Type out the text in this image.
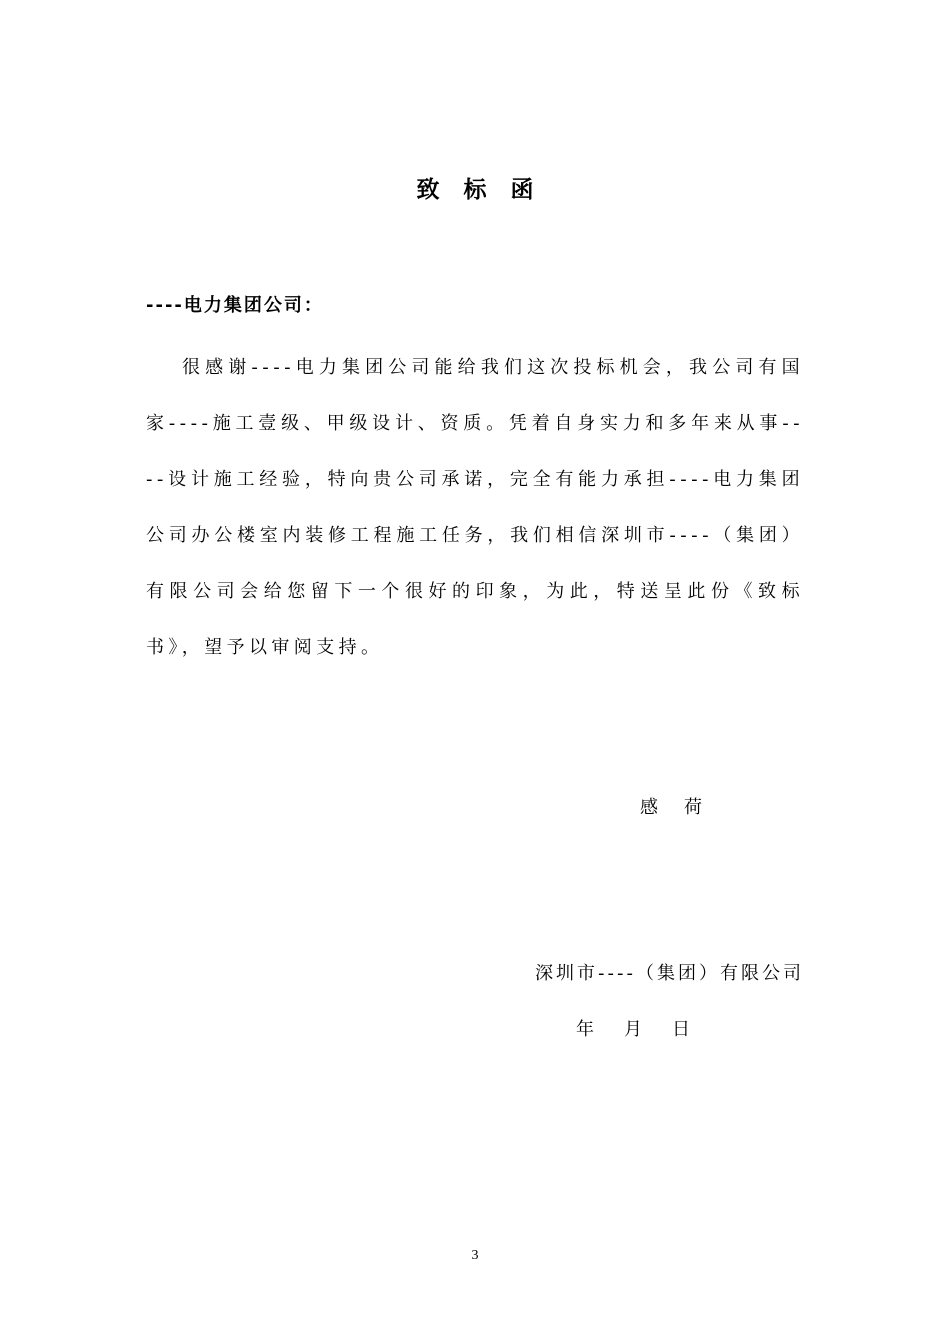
致标函
----电力集团公司：

很感谢----电力集团公司能给我们这次投标机会，我公司有国家----施工壹级、甲级设计、资质。凭着自身实力和多年来从事----设计施工经验，特向贵公司承诺，完全有能力承担----电力集团公司办公楼室内装修工程施工任务，我们相信深圳市----（集团）有限公司会给您留下一个很好的印象，为此，特送呈此份《致标书》，望予以审阅支持。

感荷
深圳市----（集团）有限公司
年 月 日
3
